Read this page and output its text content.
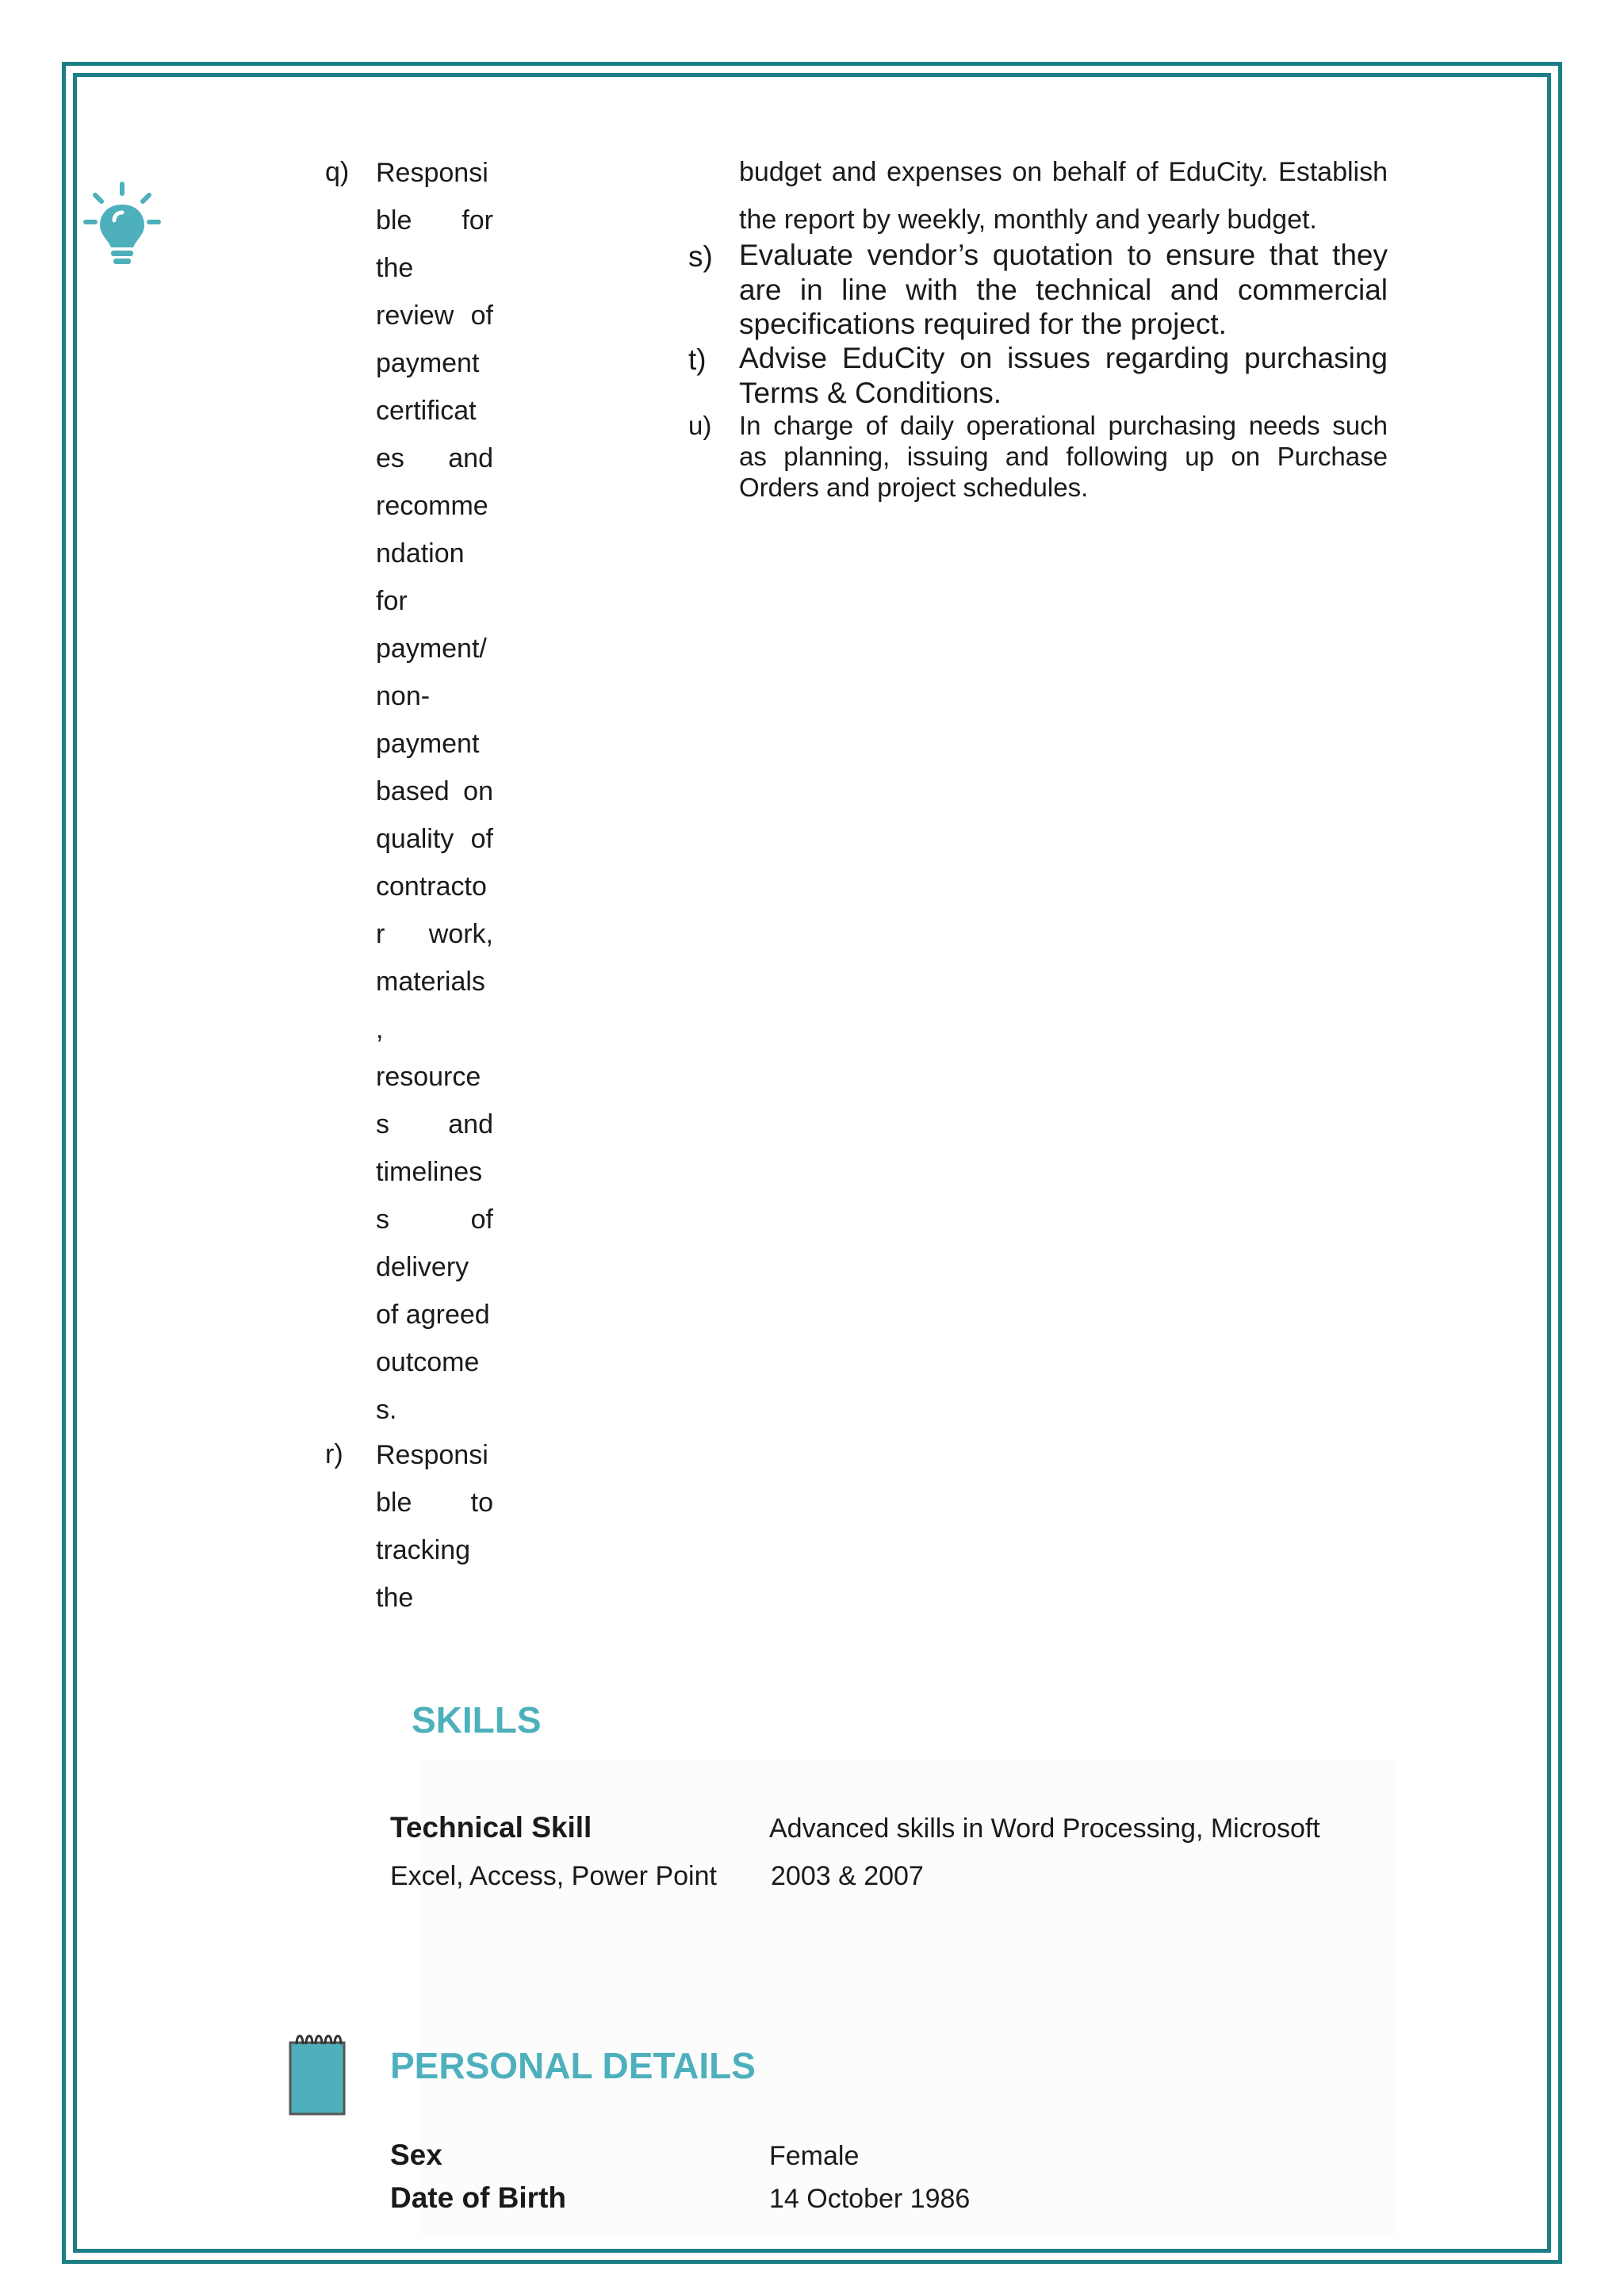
q) Responsi
ble for
the
review of
payment
certificat
es and
recomme
ndation
for
payment/
non-
payment
based on
quality of
contracto
r work,
materials
,
resource
s and
timelines
s	of
delivery
of agreed
outcome
s.
r) Responsi
ble to
tracking
the
budget and expenses on behalf of EduCity. Establish
the report by weekly, monthly and yearly budget.
s) Evaluate vendor’s quotation to ensure that they
are in line with the technical and commercial
specifications required for the project.
t) Advise EduCity on issues regarding purchasing
Terms & Conditions.
u) In charge of daily operational purchasing needs such
as planning, issuing and following up on Purchase
Orders and project schedules.
SKILLS
Technical Skill	Advanced skills in Word Processing, Microsoft
Excel, Access, Power Point 2003 & 2007
PERSONAL DETAILS
Sex	Female
Date of Birth	14 October 1986
